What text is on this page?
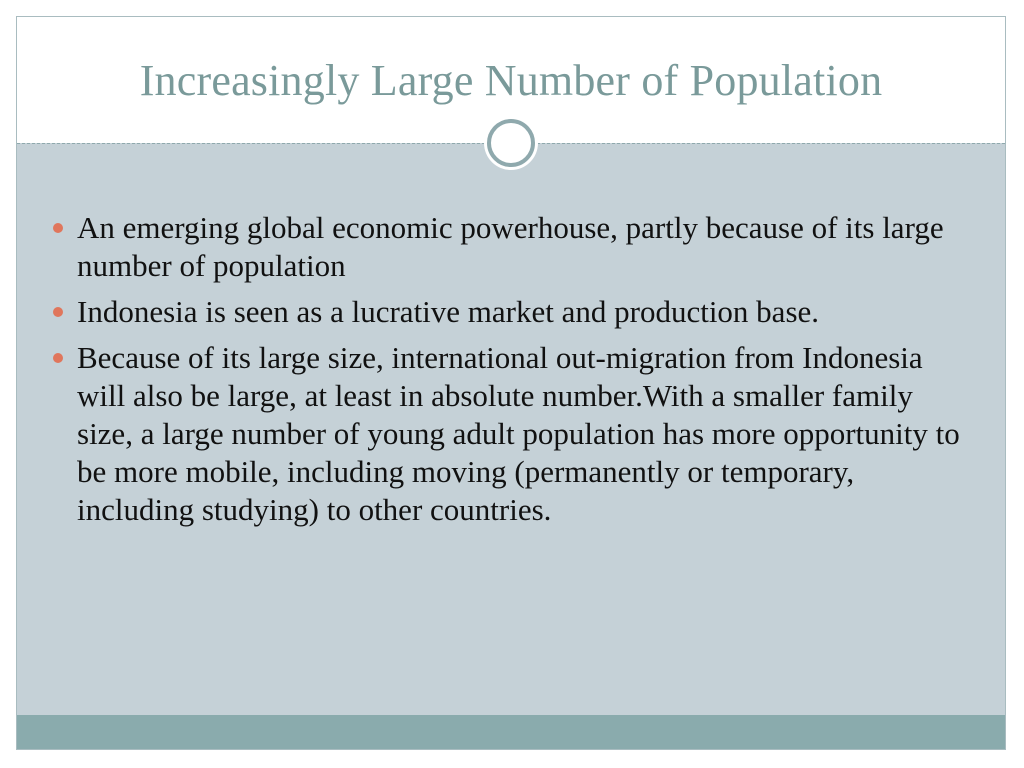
Increasingly Large Number of Population
An emerging global economic powerhouse, partly because of its large number of population
Indonesia is seen as a lucrative market and production base.
Because of its large size, international out-migration from Indonesia will also be large, at least in absolute number.With a smaller family size, a large number of young adult population has more opportunity to be more mobile, including moving (permanently or temporary, including studying) to other countries.
